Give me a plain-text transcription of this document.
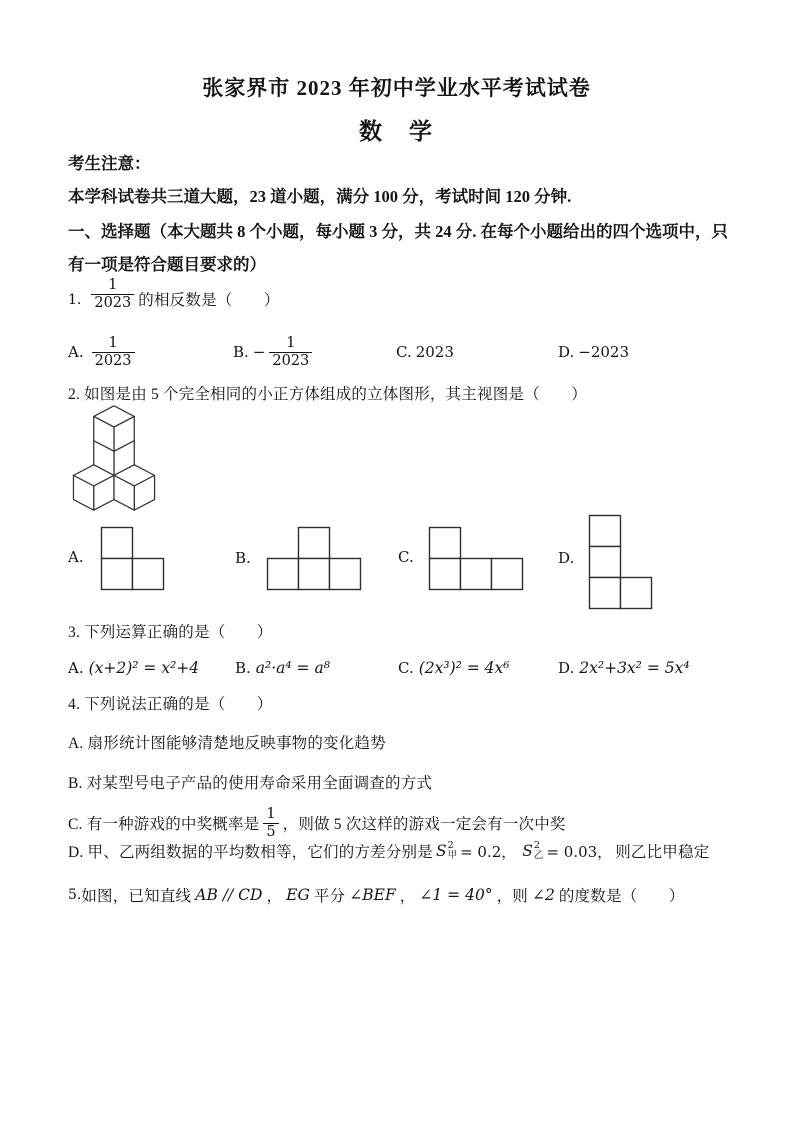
张家界市 2023 年初中学业水平考试试卷
数　学
考生注意：
本学科试卷共三道大题，23 道小题，满分 100 分，考试时间 120 分钟.
一、选择题（本大题共 8 个小题，每小题 3 分，共 24 分. 在每个小题给出的四个选项中，只
有一项是符合题目要求的）
1. $\frac{1}{2023}$ 的相反数是（　　）
A. $\frac{1}{2023}$	B. − $\frac{1}{2023}$	C. 2023	D. −2023
2. 如图是由 5 个完全相同的小正方体组成的立体图形，其主视图是（　　）
A.	B.	C.	D.
3. 下列运算正确的是（　　）
A. (x+2)² = x²+4 B. a²·a⁴ = a⁸	C. (2x³)² = 4x⁶	D. 2x²+3x² = 5x⁴
4. 下列说法正确的是（　　）
A. 扇形统计图能够清楚地反映事物的变化趋势
B. 对某型号电子产品的使用寿命采用全面调查的方式
C. 有一种游戏的中奖概率是 $\frac{1}{5}$ ，则做 5 次这样的游戏一定会有一次中奖
D. 甲、乙两组数据的平均数相等，它们的方差分别是 S 2
甲 = 0.2， S 2
乙 = 0.03， 则乙比甲稳定
5. 如图，已知直线 AB // CD ， EG 平分 ∠BEF ， ∠1 = 40° ，则 ∠2 的度数是（　　）
